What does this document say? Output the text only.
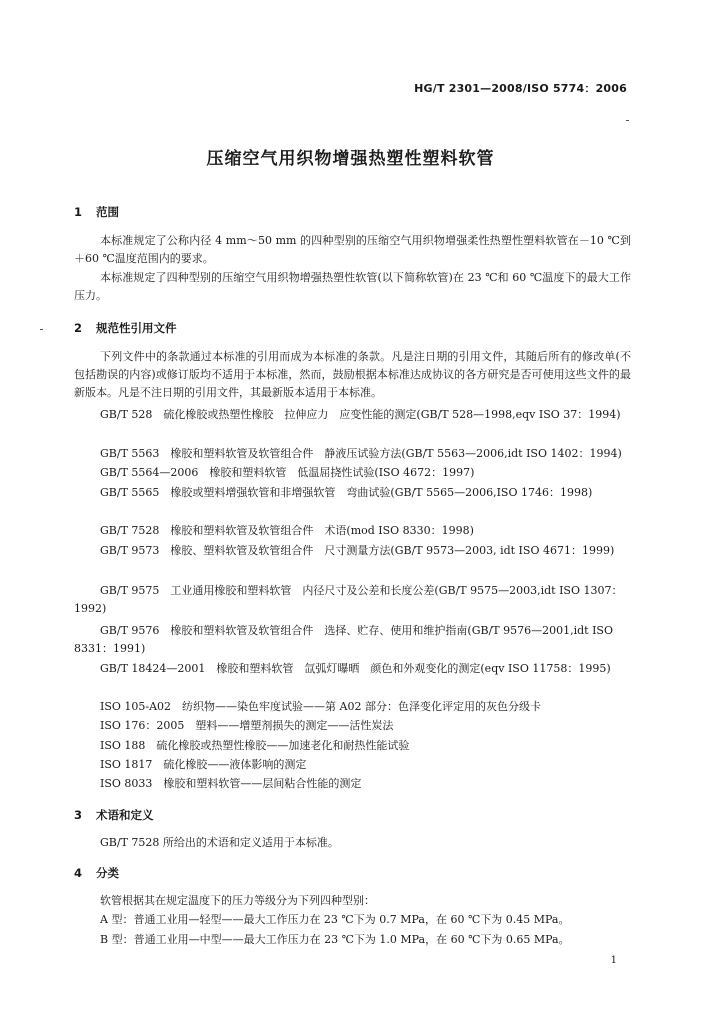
HG/T 2301—2008/ISO 5774：2006
压缩空气用织物增强热塑性塑料软管
1 范围
本标准规定了公称内径 4 mm～50 mm 的四种型别的压缩空气用织物增强柔性热塑性塑料软管在－10 ℃到＋60 ℃温度范围内的要求。
本标准规定了四种型别的压缩空气用织物增强热塑性软管(以下简称软管)在 23 ℃和 60 ℃温度下的最大工作压力。
2 规范性引用文件
下列文件中的条款通过本标准的引用而成为本标准的条款。凡是注日期的引用文件，其随后所有的修改单(不包括勘误的内容)或修订版均不适用于本标准，然而，鼓励根据本标准达成协议的各方研究是否可使用这些文件的最新版本。凡是不注日期的引用文件，其最新版本适用于本标准。
GB/T 528　硫化橡胶或热塑性橡胶　拉伸应力　应变性能的测定(GB/T 528—1998,eqv ISO 37：1994)
GB/T 5563　橡胶和塑料软管及软管组合件　静液压试验方法(GB/T 5563—2006,idt ISO 1402：1994)
GB/T 5564—2006　橡胶和塑料软管　低温屈挠性试验(ISO 4672：1997)
GB/T 5565　橡胶或塑料增强软管和非增强软管　弯曲试验(GB/T 5565—2006,ISO 1746：1998)
GB/T 7528　橡胶和塑料软管及软管组合件　术语(mod ISO 8330：1998)
GB/T 9573　橡胶、塑料软管及软管组合件　尺寸测量方法(GB/T 9573—2003, idt ISO 4671：1999)
GB/T 9575　工业通用橡胶和塑料软管　内径尺寸及公差和长度公差(GB/T 9575—2003,idt ISO 1307：1992)
GB/T 9576　橡胶和塑料软管及软管组合件　选择、贮存、使用和维护指南(GB/T 9576—2001,idt ISO 8331：1991)
GB/T 18424—2001　橡胶和塑料软管　氙弧灯曝晒　颜色和外观变化的测定(eqv ISO 11758：1995)
ISO 105-A02　纺织物——染色牢度试验——第 A02 部分：色泽变化评定用的灰色分级卡
ISO 176：2005　塑料——增塑剂损失的测定——活性炭法
ISO 188　硫化橡胶或热塑性橡胶——加速老化和耐热性能试验
ISO 1817　硫化橡胶——液体影响的测定
ISO 8033　橡胶和塑料软管——层间粘合性能的测定
3 术语和定义
GB/T 7528 所给出的术语和定义适用于本标准。
4 分类
软管根据其在规定温度下的压力等级分为下列四种型别：
A 型：普通工业用—轻型——最大工作压力在 23 ℃下为 0.7 MPa，在 60 ℃下为 0.45 MPa。
B 型：普通工业用—中型——最大工作压力在 23 ℃下为 1.0 MPa，在 60 ℃下为 0.65 MPa。
1
